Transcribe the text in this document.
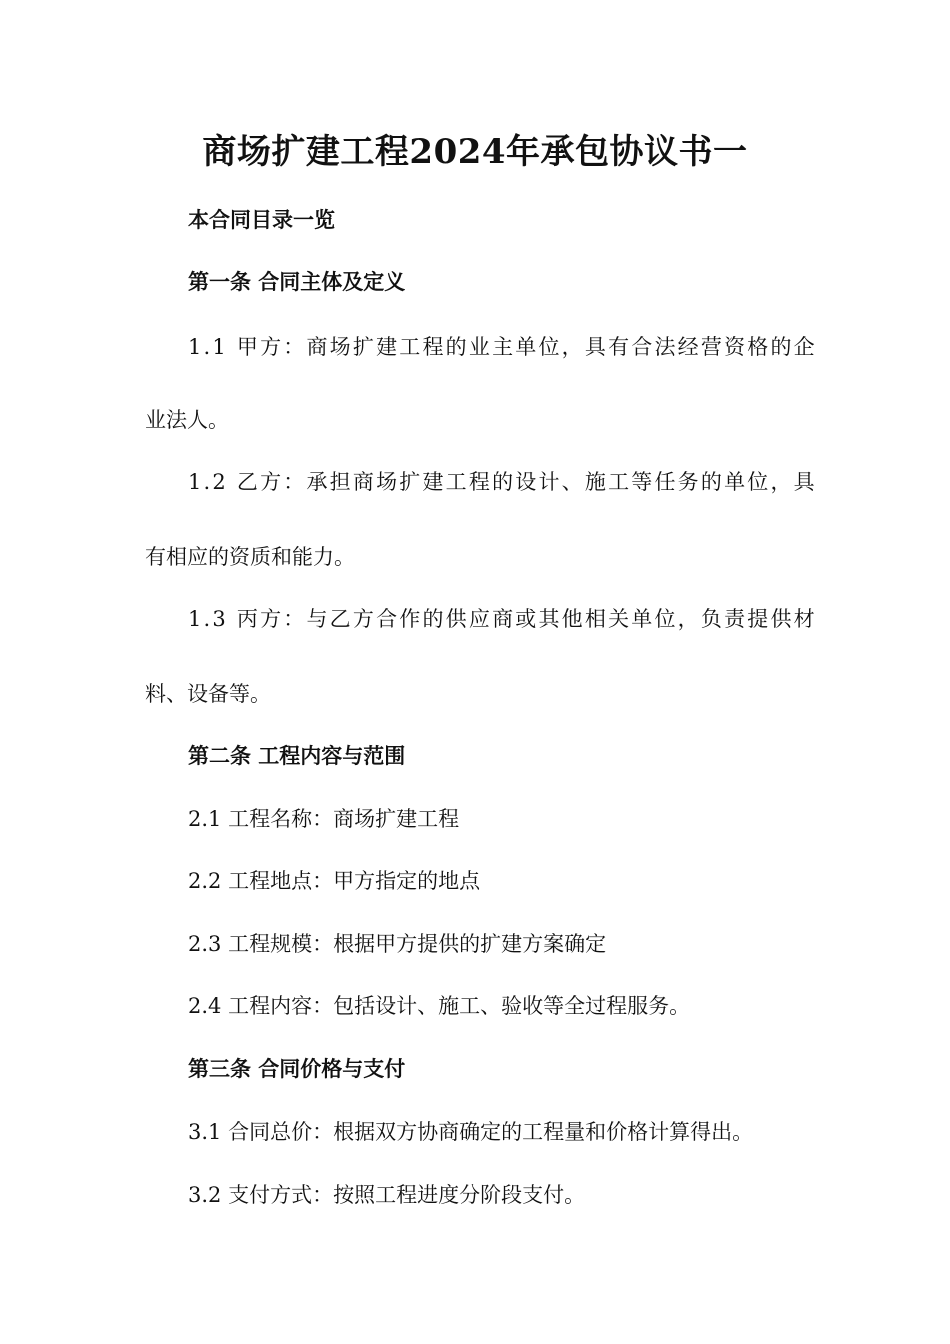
商场扩建工程2024年承包协议书一

本合同目录一览

第一条 合同主体及定义

1.1 甲方：商场扩建工程的业主单位，具有合法经营资格的企

业法人。

1.2 乙方：承担商场扩建工程的设计、施工等任务的单位，具

有相应的资质和能力。

1.3 丙方：与乙方合作的供应商或其他相关单位，负责提供材

料、设备等。

第二条 工程内容与范围

2.1 工程名称：商场扩建工程

2.2 工程地点：甲方指定的地点

2.3 工程规模：根据甲方提供的扩建方案确定

2.4 工程内容：包括设计、施工、验收等全过程服务。

第三条 合同价格与支付

3.1 合同总价：根据双方协商确定的工程量和价格计算得出。

3.2 支付方式：按照工程进度分阶段支付。
